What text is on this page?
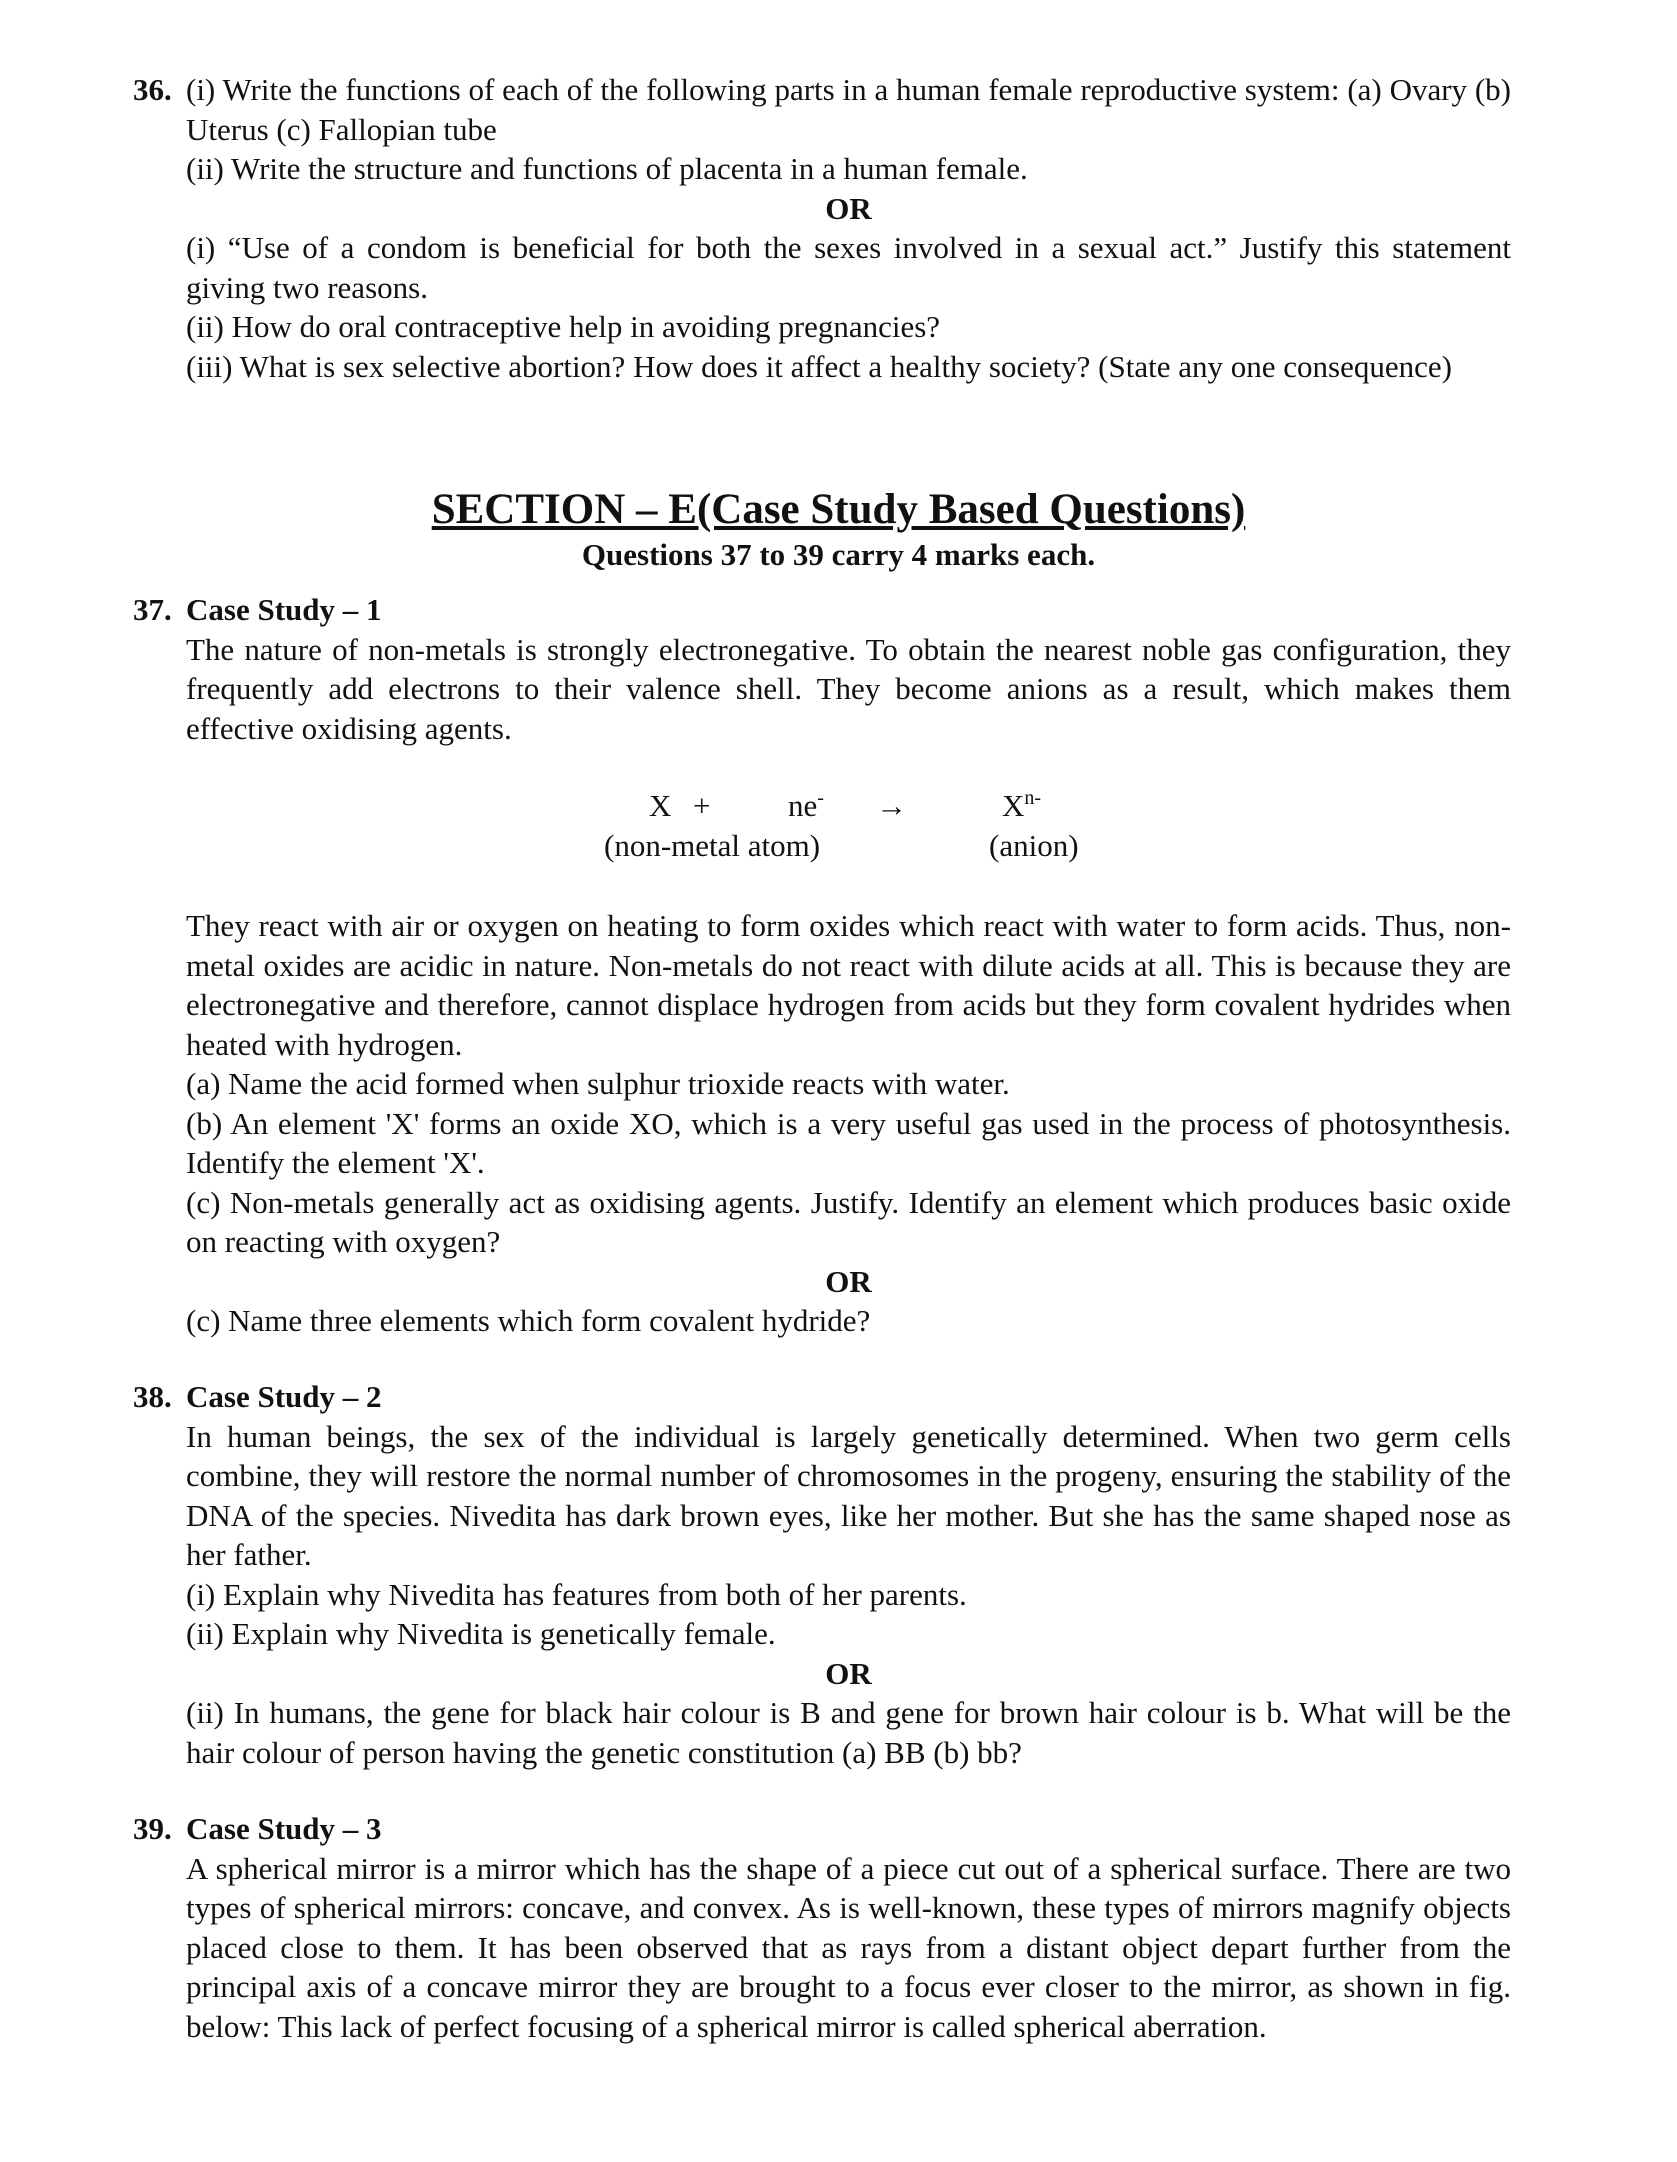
36. (i) Write the functions of each of the following parts in a human female reproductive system: (a) Ovary (b) Uterus (c) Fallopian tube

(ii) Write the structure and functions of placenta in a human female.

OR

(i) “Use of a condom is beneficial for both the sexes involved in a sexual act.” Justify this statement giving two reasons.

(ii) How do oral contraceptive help in avoiding pregnancies?

(iii) What is sex selective abortion? How does it affect a healthy society? (State any one consequence)

SECTION – E(Case Study Based Questions)
Questions 37 to 39 carry 4 marks each.
37. Case Study – 1

The nature of non-metals is strongly electronegative. To obtain the nearest noble gas configuration, they frequently add electrons to their valence shell. They become anions as a result, which makes them effective oxidising agents.

X +	ne- →	$X^{n-}$
(non-metal atom)	(anion)

They react with air or oxygen on heating to form oxides which react with water to form acids. Thus, non-metal oxides are acidic in nature. Non-metals do not react with dilute acids at all. This is because they are electronegative and therefore, cannot displace hydrogen from acids but they form covalent hydrides when heated with hydrogen.

(a) Name the acid formed when sulphur trioxide reacts with water.

(b) An element 'X' forms an oxide XO, which is a very useful gas used in the process of photosynthesis. Identify the element 'X'.

(c) Non-metals generally act as oxidising agents. Justify. Identify an element which produces basic oxide on reacting with oxygen?

OR

(c) Name three elements which form covalent hydride?

38. Case Study – 2

In human beings, the sex of the individual is largely genetically determined. When two germ cells combine, they will restore the normal number of chromosomes in the progeny, ensuring the stability of the DNA of the species. Nivedita has dark brown eyes, like her mother. But she has the same shaped nose as her father.

(i) Explain why Nivedita has features from both of her parents.

(ii) Explain why Nivedita is genetically female.

OR

(ii) In humans, the gene for black hair colour is B and gene for brown hair colour is b. What will be the hair colour of person having the genetic constitution (a) BB (b) bb?

39. Case Study – 3

A spherical mirror is a mirror which has the shape of a piece cut out of a spherical surface. There are two types of spherical mirrors: concave, and convex. As is well-known, these types of mirrors magnify objects placed close to them. It has been observed that as rays from a distant object depart further from the principal axis of a concave mirror they are brought to a focus ever closer to the mirror, as shown in fig. below: This lack of perfect focusing of a spherical mirror is called spherical aberration.
